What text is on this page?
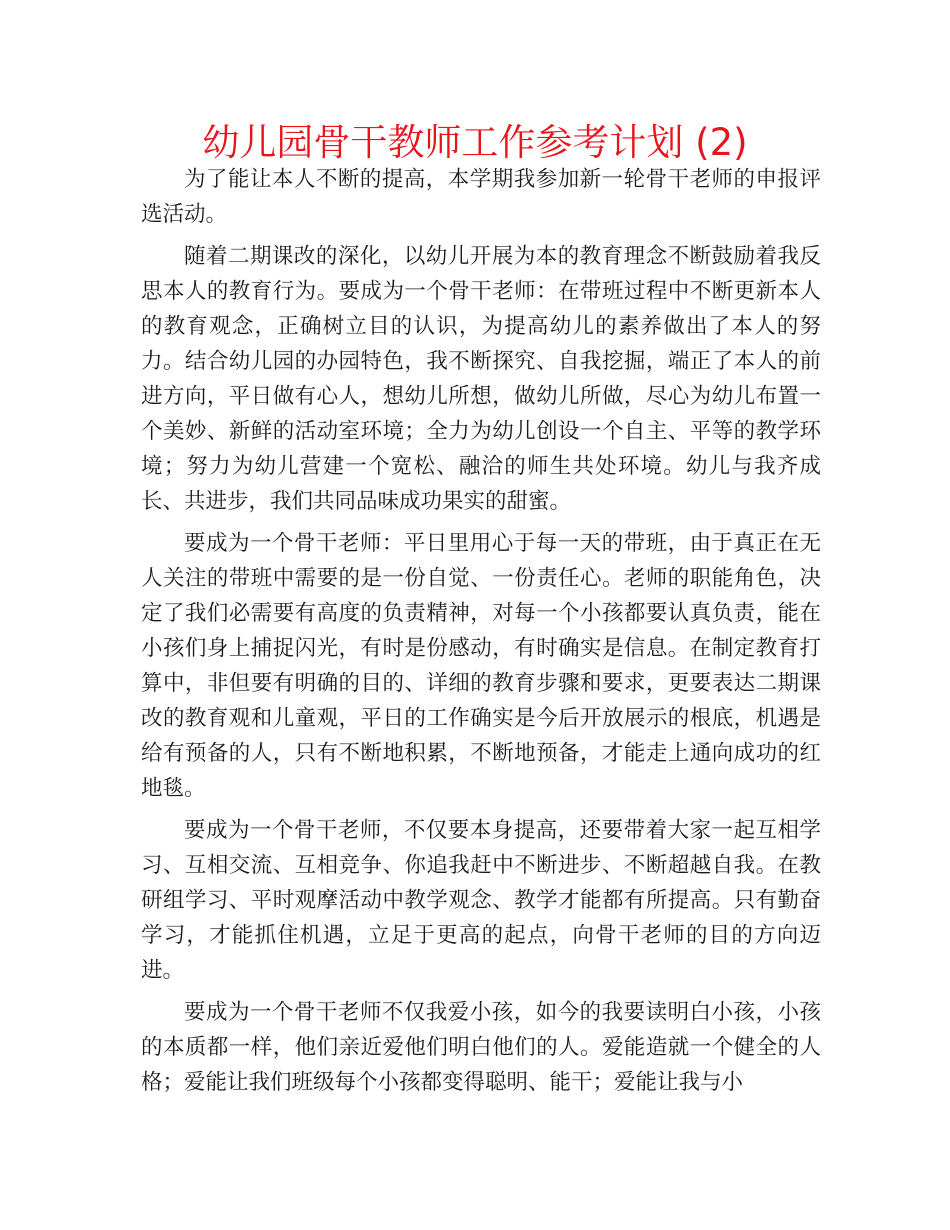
幼儿园骨干教师工作参考计划 (2)

为了能让本人不断的提高，本学期我参加新一轮骨干老师的申报评选活动。

随着二期课改的深化，以幼儿开展为本的教育理念不断鼓励着我反思本人的教育行为。要成为一个骨干老师：在带班过程中不断更新本人的教育观念，正确树立目的认识，为提高幼儿的素养做出了本人的努力。结合幼儿园的办园特色，我不断探究、自我挖掘，端正了本人的前进方向，平日做有心人，想幼儿所想，做幼儿所做，尽心为幼儿布置一个美妙、新鲜的活动室环境；全力为幼儿创设一个自主、平等的教学环境；努力为幼儿营建一个宽松、融洽的师生共处环境。幼儿与我齐成长、共进步，我们共同品味成功果实的甜蜜。

要成为一个骨干老师：平日里用心于每一天的带班，由于真正在无人关注的带班中需要的是一份自觉、一份责任心。老师的职能角色，决定了我们必需要有高度的负责精神，对每一个小孩都要认真负责，能在小孩们身上捕捉闪光，有时是份感动，有时确实是信息。在制定教育打算中，非但要有明确的目的、详细的教育步骤和要求，更要表达二期课改的教育观和儿童观，平日的工作确实是今后开放展示的根底，机遇是给有预备的人，只有不断地积累，不断地预备，才能走上通向成功的红地毯。

要成为一个骨干老师，不仅要本身提高，还要带着大家一起互相学习、互相交流、互相竞争、你追我赶中不断进步、不断超越自我。在教研组学习、平时观摩活动中教学观念、教学才能都有所提高。只有勤奋学习，才能抓住机遇，立足于更高的起点，向骨干老师的目的方向迈进。

要成为一个骨干老师不仅我爱小孩，如今的我要读明白小孩，小孩的本质都一样，他们亲近爱他们明白他们的人。爱能造就一个健全的人格；爱能让我们班级每个小孩都变得聪明、能干；爱能让我与小
